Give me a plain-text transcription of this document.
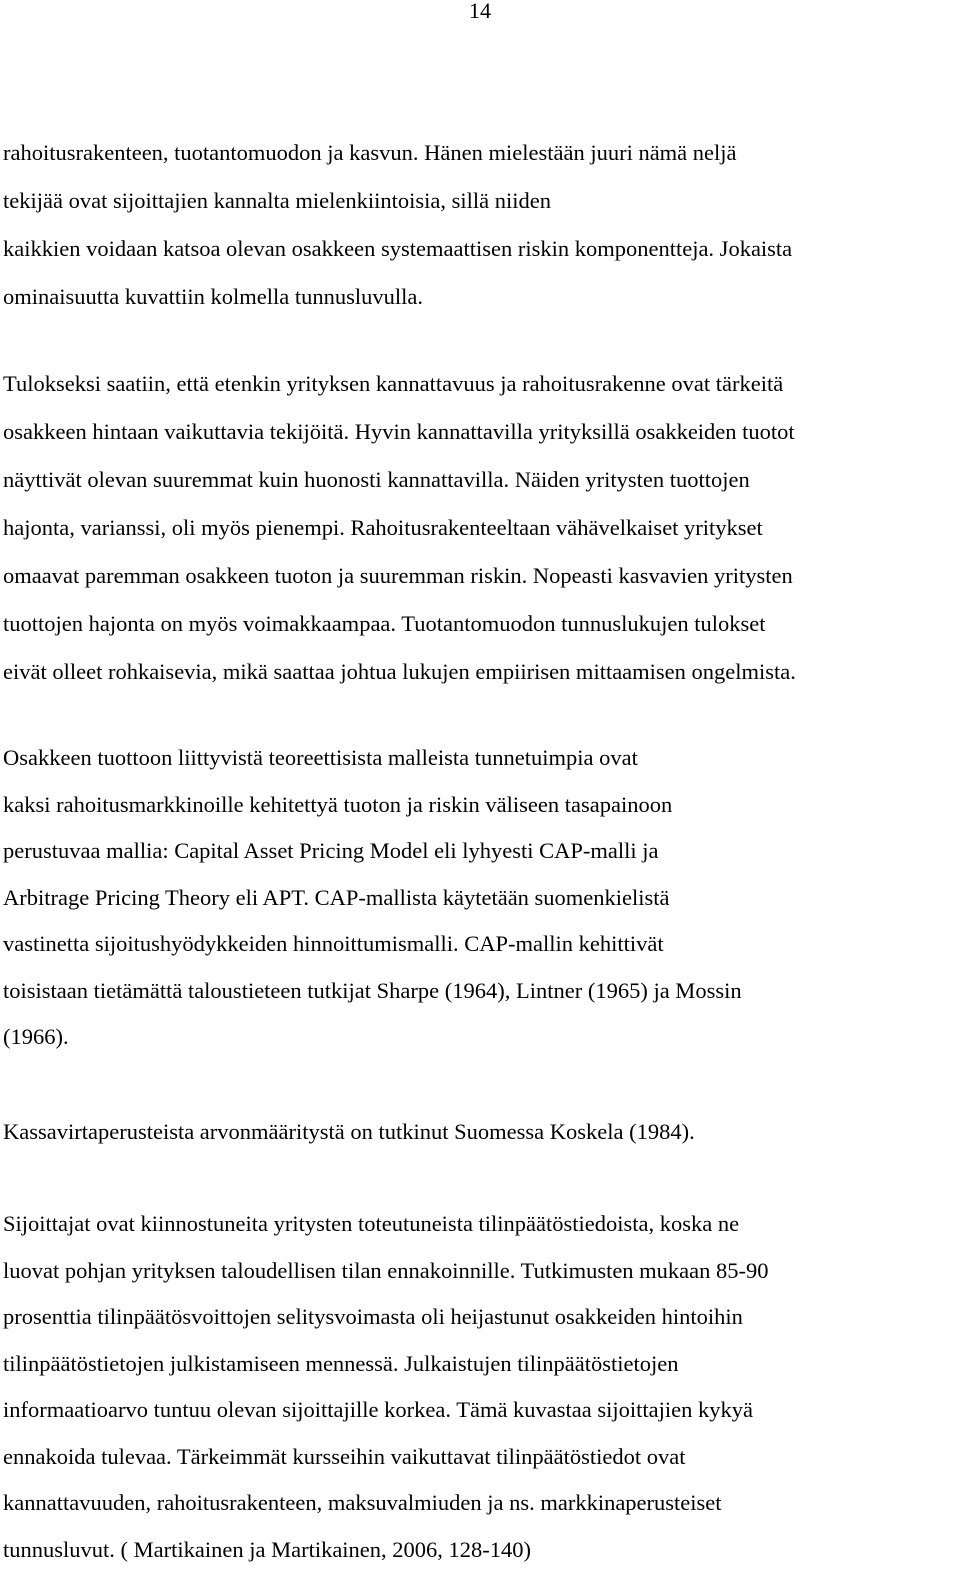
14
rahoitusrakenteen, tuotantomuodon ja kasvun. Hänen mielestään juuri nämä neljä
tekijää ovat sijoittajien kannalta mielenkiintoisia, sillä niiden
kaikkien voidaan katsoa olevan osakkeen systemaattisen riskin komponentteja. Jokaista
ominaisuutta kuvattiin kolmella tunnusluvulla.
Tulokseksi saatiin, että etenkin yrityksen kannattavuus ja rahoitusrakenne ovat tärkeitä
osakkeen hintaan vaikuttavia tekijöitä. Hyvin kannattavilla yrityksillä osakkeiden tuotot
näyttivät olevan suuremmat kuin huonosti kannattavilla. Näiden yritysten tuottojen
hajonta, varianssi, oli myös pienempi. Rahoitusrakenteeltaan vähävelkaiset yritykset
omaavat paremman osakkeen tuoton ja suuremman riskin. Nopeasti kasvavien yritysten
tuottojen hajonta on myös voimakkaampaa. Tuotantomuodon tunnuslukujen tulokset
eivät olleet rohkaisevia, mikä saattaa johtua lukujen empiirisen mittaamisen ongelmista.
Osakkeen tuottoon liittyvistä teoreettisista malleista tunnetuimpia ovat
kaksi rahoitusmarkkinoille kehitettyä tuoton ja riskin väliseen tasapainoon
perustuvaa mallia: Capital Asset Pricing Model eli lyhyesti CAP-malli ja
Arbitrage Pricing Theory eli APT. CAP-mallista käytetään suomenkielistä
vastinetta sijoitushyödykkeiden hinnoittumismalli. CAP-mallin kehittivät
toisistaan tietämättä taloustieteen tutkijat Sharpe (1964), Lintner (1965) ja Mossin
(1966).
Kassavirtaperusteista arvonmääritystä on tutkinut Suomessa Koskela (1984).
Sijoittajat ovat kiinnostuneita yritysten toteutuneista tilinpäätöstiedoista, koska ne
luovat pohjan yrityksen taloudellisen tilan ennakoinnille. Tutkimusten mukaan 85-90
prosenttia tilinpäätösvoittojen selitysvoimasta oli heijastunut osakkeiden hintoihin
tilinpäätöstietojen julkistamiseen mennessä. Julkaistujen tilinpäätöstietojen
informaatioarvo tuntuu olevan sijoittajille korkea. Tämä kuvastaa sijoittajien kykyä
ennakoida tulevaa. Tärkeimmät kursseihin vaikuttavat tilinpäätöstiedot ovat
kannattavuuden, rahoitusrakenteen, maksuvalmiuden ja ns. markkinaperusteiset
tunnusluvut. ( Martikainen ja Martikainen, 2006, 128-140)
